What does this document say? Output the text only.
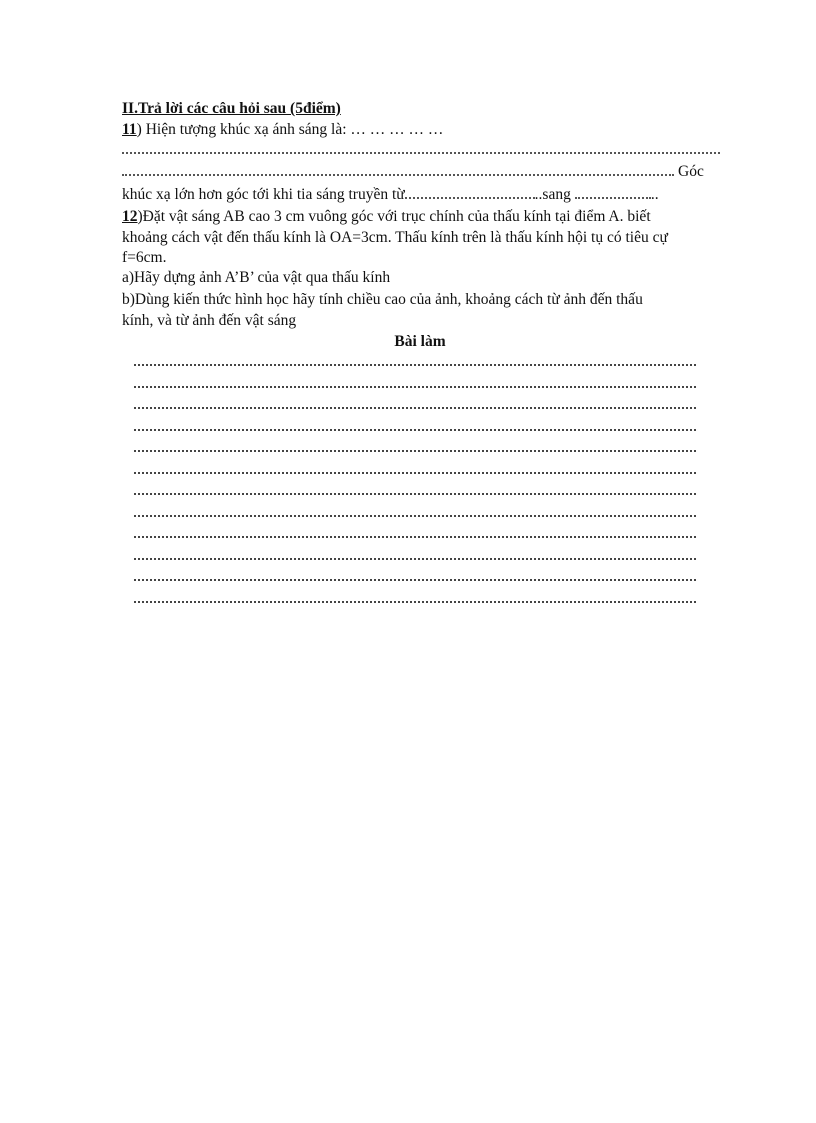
II.Trả lời các câu hỏi sau (5điểm)
11) Hiện tượng khúc xạ ánh sáng là: … … … … …
Góc
khúc xạ lớn hơn góc tới khi tia sáng truyền từ	..sang	..
12)Đặt vật sáng AB cao 3 cm vuông góc với trục chính của thấu kính tại điểm A. biết
khoảng cách vật đến thấu kính là OA=3cm. Thấu kính trên là thấu kính hội tụ có tiêu cự
f=6cm.
a)Hãy dựng ảnh A’B’ của vật qua thấu kính
b)Dùng kiến thức hình học hãy tính chiều cao của ảnh, khoảng cách từ ảnh đến thấu
kính, và từ ảnh đến vật sáng
Bài làm
